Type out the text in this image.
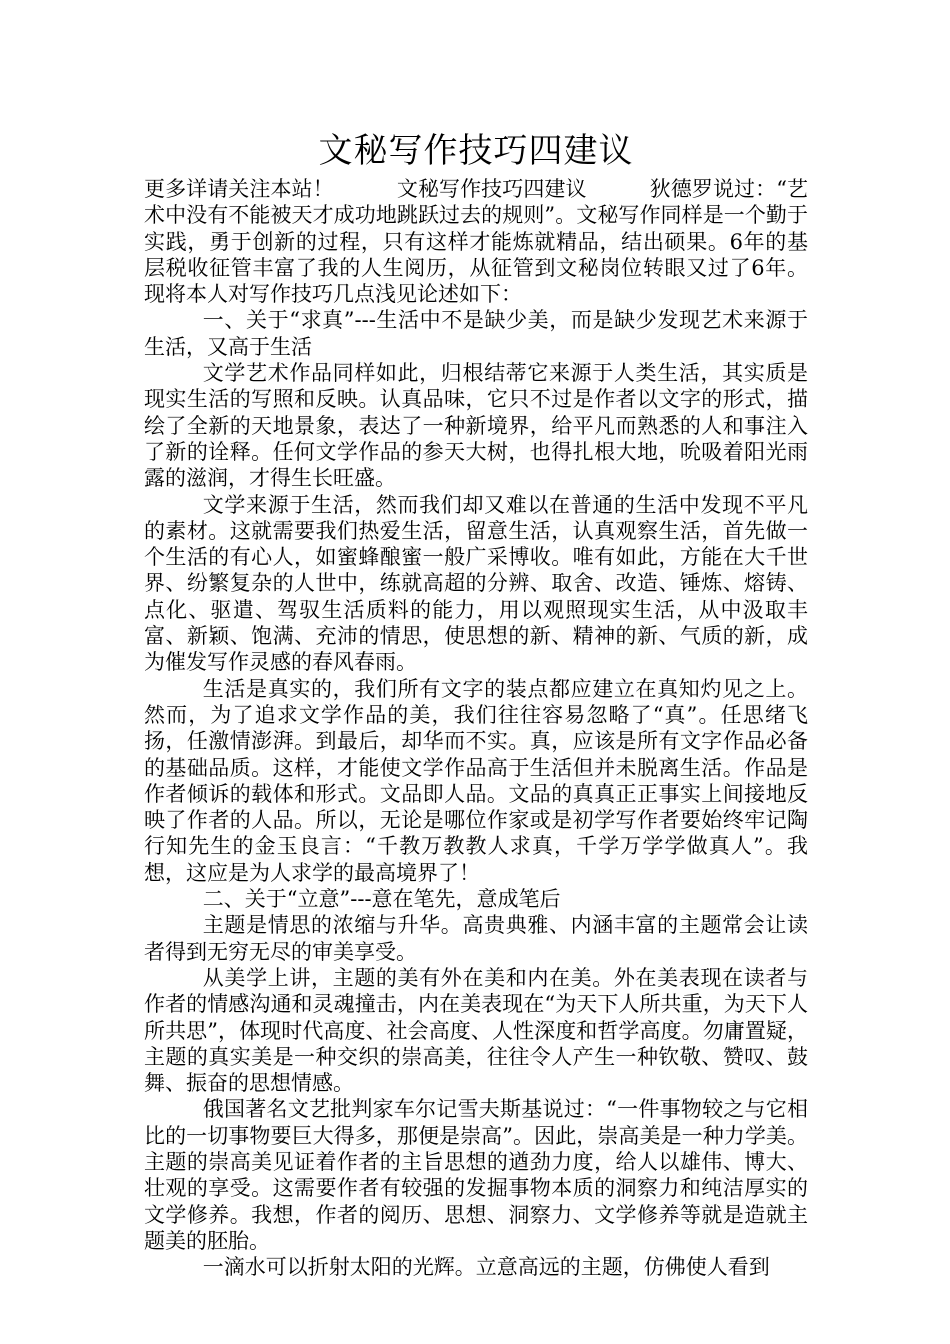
文秘写作技巧四建议

更多详请关注本站！　　　文秘写作技巧四建议　　　狄德罗说过：“艺术中没有不能被天才成功地跳跃过去的规则”。文秘写作同样是一个勤于实践，勇于创新的过程，只有这样才能炼就精品，结出硕果。6年的基层税收征管丰富了我的人生阅历，从征管到文秘岗位转眼又过了6年。现将本人对写作技巧几点浅见论述如下：

一、关于“求真”---生活中不是缺少美，而是缺少发现艺术来源于生活，又高于生活

文学艺术作品同样如此，归根结蒂它来源于人类生活，其实质是现实生活的写照和反映。认真品味，它只不过是作者以文字的形式，描绘了全新的天地景象，表达了一种新境界，给平凡而熟悉的人和事注入了新的诠释。任何文学作品的参天大树，也得扎根大地，吮吸着阳光雨露的滋润，才得生长旺盛。

文学来源于生活，然而我们却又难以在普通的生活中发现不平凡的素材。这就需要我们热爱生活，留意生活，认真观察生活，首先做一个生活的有心人，如蜜蜂酿蜜一般广采博收。唯有如此，方能在大千世界、纷繁复杂的人世中，练就高超的分辨、取舍、改造、锤炼、熔铸、点化、驱遣、驾驭生活质料的能力，用以观照现实生活，从中汲取丰富、新颖、饱满、充沛的情思，使思想的新、精神的新、气质的新，成为催发写作灵感的春风春雨。

生活是真实的，我们所有文字的装点都应建立在真知灼见之上。然而，为了追求文学作品的美，我们往往容易忽略了“真”。任思绪飞扬，任激情澎湃。到最后，却华而不实。真，应该是所有文字作品必备的基础品质。这样，才能使文学作品高于生活但并未脱离生活。作品是作者倾诉的载体和形式。文品即人品。文品的真真正正事实上间接地反映了作者的人品。所以，无论是哪位作家或是初学写作者要始终牢记陶行知先生的金玉良言：“千教万教教人求真，千学万学学做真人”。我想，这应是为人求学的最高境界了！

二、关于“立意”---意在笔先，意成笔后

主题是情思的浓缩与升华。高贵典雅、内涵丰富的主题常会让读者得到无穷无尽的审美享受。

从美学上讲，主题的美有外在美和内在美。外在美表现在读者与作者的情感沟通和灵魂撞击，内在美表现在“为天下人所共重，为天下人所共思”，体现时代高度、社会高度、人性深度和哲学高度。勿庸置疑，主题的真实美是一种交织的崇高美，往往令人产生一种钦敬、赞叹、鼓舞、振奋的思想情感。

俄国著名文艺批判家车尔记雪夫斯基说过：“一件事物较之与它相比的一切事物要巨大得多，那便是崇高”。因此，崇高美是一种力学美。主题的崇高美见证着作者的主旨思想的遒劲力度，给人以雄伟、博大、壮观的享受。这需要作者有较强的发掘事物本质的洞察力和纯洁厚实的文学修养。我想，作者的阅历、思想、洞察力、文学修养等就是造就主题美的胚胎。

一滴水可以折射太阳的光辉。立意高远的主题，仿佛使人看到
